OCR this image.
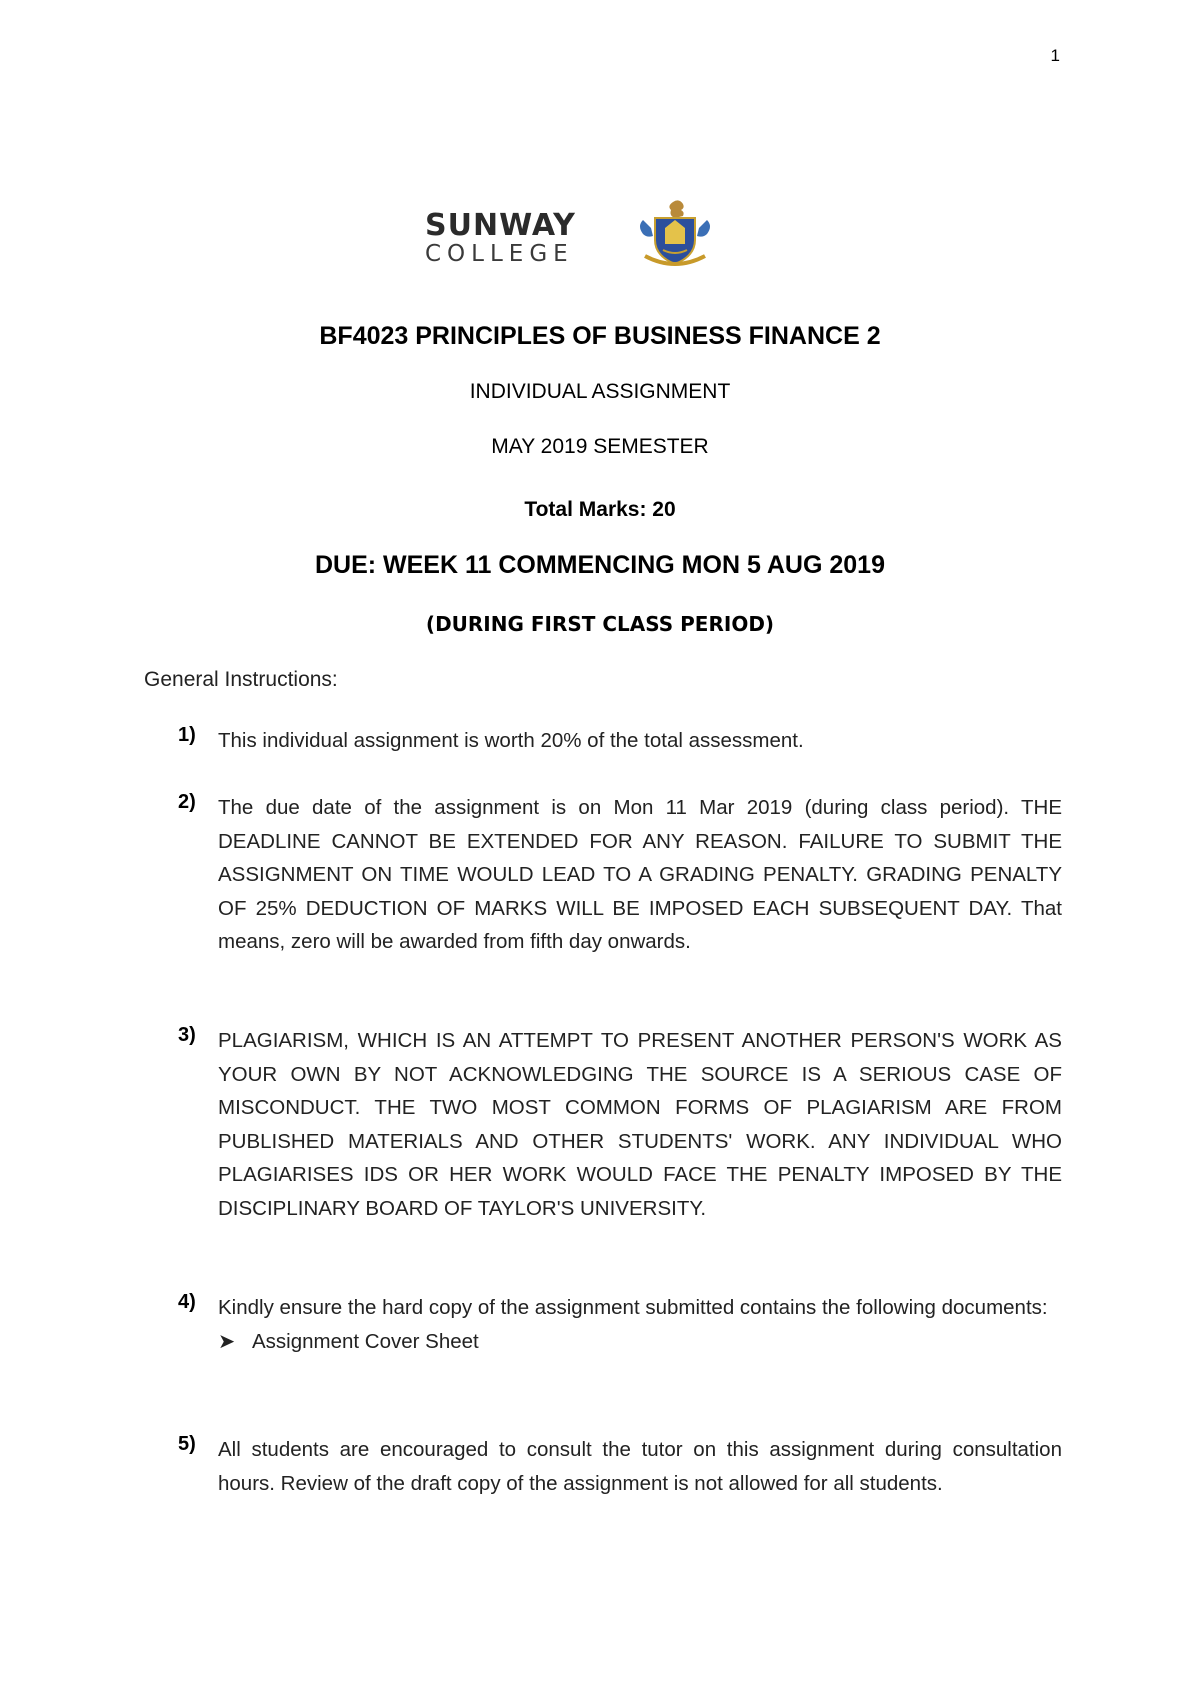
1
SUNWAY
COLLEGE
BF4023 PRINCIPLES OF BUSINESS FINANCE 2
INDIVIDUAL ASSIGNMENT
MAY 2019 SEMESTER
Total Marks: 20
DUE: WEEK 11 COMMENCING MON 5 AUG 2019
(DURING FIRST CLASS PERIOD)
General Instructions:
1) This individual assignment is worth 20% of the total assessment.
2) The due date of the assignment is on Mon 11 Mar 2019 (during class period). THE DEADLINE CANNOT BE EXTENDED FOR ANY REASON. FAILURE TO SUBMIT THE ASSIGNMENT ON TIME WOULD LEAD TO A GRADING PENALTY. GRADING PENALTY OF 25% DEDUCTION OF MARKS WILL BE IMPOSED EACH SUBSEQUENT DAY. That means, zero will be awarded from fifth day onwards.
3) PLAGIARISM, WHICH IS AN ATTEMPT TO PRESENT ANOTHER PERSON'S WORK AS YOUR OWN BY NOT ACKNOWLEDGING THE SOURCE IS A SERIOUS CASE OF MISCONDUCT. THE TWO MOST COMMON FORMS OF PLAGIARISM ARE FROM PUBLISHED MATERIALS AND OTHER STUDENTS' WORK. ANY INDIVIDUAL WHO PLAGIARISES IDS OR HER WORK WOULD FACE THE PENALTY IMPOSED BY THE DISCIPLINARY BOARD OF TAYLOR'S UNIVERSITY.
4) Kindly ensure the hard copy of the assignment submitted contains the following documents:
➤ Assignment Cover Sheet
5) All students are encouraged to consult the tutor on this assignment during consultation hours. Review of the draft copy of the assignment is not allowed for all students.
